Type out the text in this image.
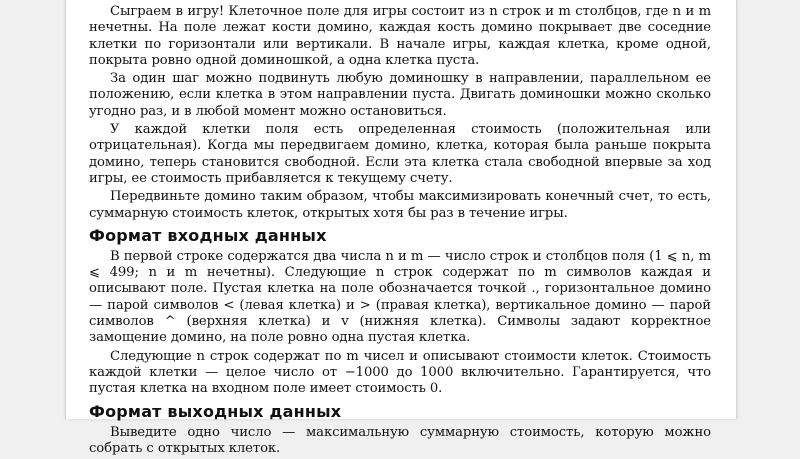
Сыграем в игру! Клеточное поле для игры состоит из n строк и m столбцов, где n и m нечетны. На поле лежат кости домино, каждая кость домино покрывает две соседние клетки по горизонтали или вертикали. В начале игры, каждая клетка, кроме одной, покрыта ровно одной доминошкой, а одна клетка пуста.

За один шаг можно подвинуть любую доминошку в направлении, параллельном ее положению, если клетка в этом направлении пуста. Двигать доминошки можно сколько угодно раз, и в любой момент можно остановиться.

У каждой клетки поля есть определенная стоимость (положительная или отрицательная). Когда мы передвигаем домино, клетка, которая была раньше покрыта домино, теперь становится свободной. Если эта клетка стала свободной впервые за ход игры, ее стоимость прибавляется к текущему счету.

Передвиньте домино таким образом, чтобы максимизировать конечный счет, то есть, суммарную стоимость клеток, открытых хотя бы раз в течение игры.

Формат входных данных

В первой строке содержатся два числа n и m — число строк и столбцов поля (1 ⩽ n, m ⩽ 499; n и m нечетны). Следующие n строк содержат по m символов каждая и описывают поле. Пустая клетка на поле обозначается точкой ., горизонтальное домино — парой символов < (левая клетка) и > (правая клетка), вертикальное домино — парой символов ^ (верхняя клетка) и v (нижняя клетка). Символы задают корректное замощение домино, на поле ровно одна пустая клетка.

Следующие n строк содержат по m чисел и описывают стоимости клеток. Стоимость каждой клетки — целое число от −1000 до 1000 включительно. Гарантируется, что пустая клетка на входном поле имеет стоимость 0.

Формат выходных данных

Выведите одно число — максимальную суммарную стоимость, которую можно собрать с открытых клеток.
